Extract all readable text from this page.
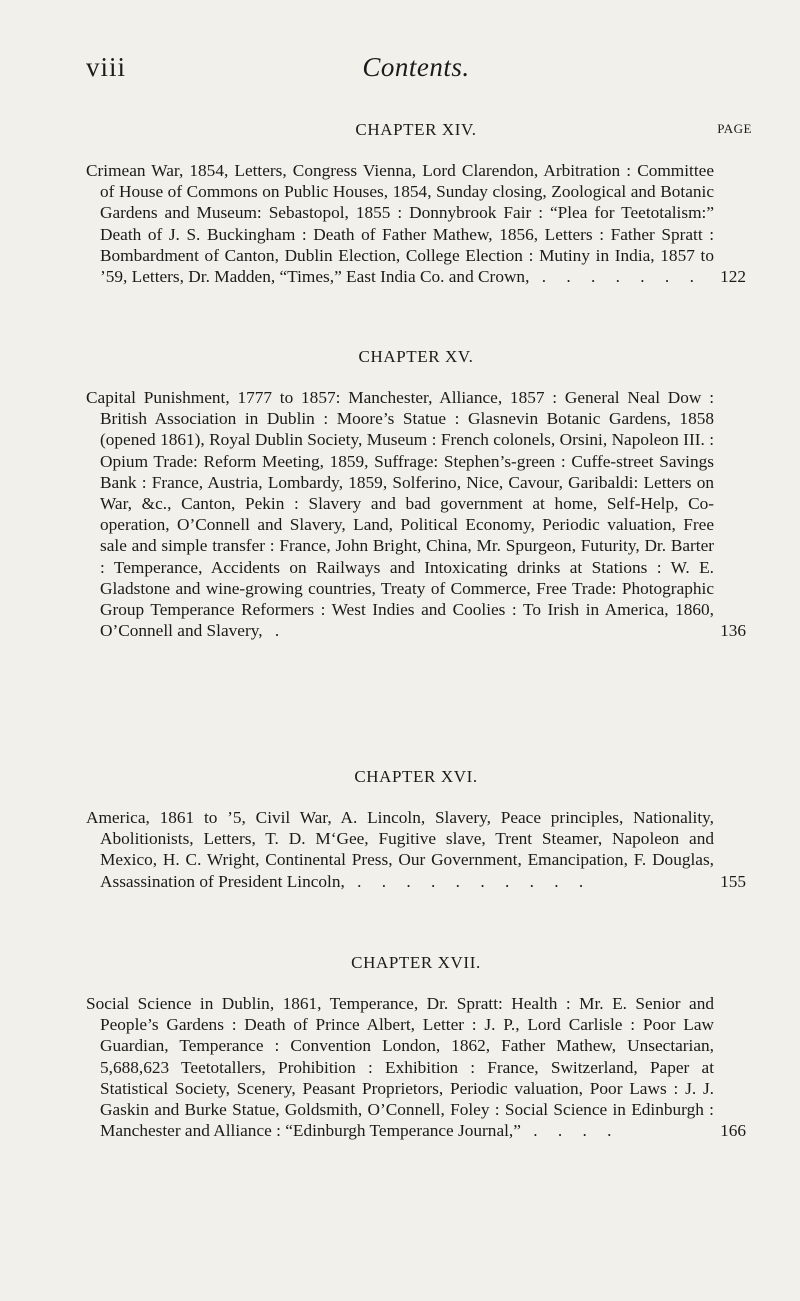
viii	Contents.
CHAPTER XIV.	PAGE
Crimean War, 1854, Letters, Congress Vienna, Lord Clarendon, Arbitration : Committee of House of Commons on Public Houses, 1854, Sunday closing, Zoological and Botanic Gardens and Museum: Sebastopol, 1855 : Donnybrook Fair : “Plea for Teetotalism:” Death of J. S. Buckingham : Death of Father Mathew, 1856, Letters : Father Spratt : Bombardment of Canton, Dublin Election, College Election : Mutiny in India, 1857 to ’59, Letters, Dr. Madden, “Times,” East India Co. and Crown, . . . . . . . 122
CHAPTER XV.
Capital Punishment, 1777 to 1857: Manchester, Alliance, 1857 : General Neal Dow : British Association in Dublin : Moore’s Statue : Glasnevin Botanic Gardens, 1858 (opened 1861), Royal Dublin Society, Museum : French colonels, Orsini, Napoleon III. : Opium Trade: Reform Meeting, 1859, Suffrage: Stephen’s-green : Cuffe-street Savings Bank : France, Austria, Lombardy, 1859, Solferino, Nice, Cavour, Garibaldi: Letters on War, &c., Canton, Pekin : Slavery and bad government at home, Self-Help, Co-operation, O’Connell and Slavery, Land, Political Economy, Periodic valuation, Free sale and simple transfer : France, John Bright, China, Mr. Spurgeon, Futurity, Dr. Barter : Temperance, Accidents on Railways and Intoxicating drinks at Stations : W. E. Gladstone and wine-growing countries, Treaty of Commerce, Free Trade: Photographic Group Temperance Reformers : West Indies and Coolies : To Irish in America, 1860, O’Connell and Slavery, .	136
CHAPTER XVI.
America, 1861 to ’5, Civil War, A. Lincoln, Slavery, Peace principles, Nationality, Abolitionists, Letters, T. D. M‘Gee, Fugitive slave, Trent Steamer, Napoleon and Mexico, H. C. Wright, Continental Press, Our Government, Emancipation, F. Douglas, Assassination of President Lincoln, . . . . . . . . . .	155
CHAPTER XVII.
Social Science in Dublin, 1861, Temperance, Dr. Spratt: Health : Mr. E. Senior and People’s Gardens : Death of Prince Albert, Letter : J. P., Lord Carlisle : Poor Law Guardian, Temperance : Convention London, 1862, Father Mathew, Unsectarian, 5,688,623 Teetotallers, Prohibition : Exhibition : France, Switzerland, Paper at Statistical Society, Scenery, Peasant Proprietors, Periodic valuation, Poor Laws : J. J. Gaskin and Burke Statue, Goldsmith, O’Connell, Foley : Social Science in Edinburgh : Manchester and Alliance : “Edinburgh Temperance Journal,” . . . .	166
